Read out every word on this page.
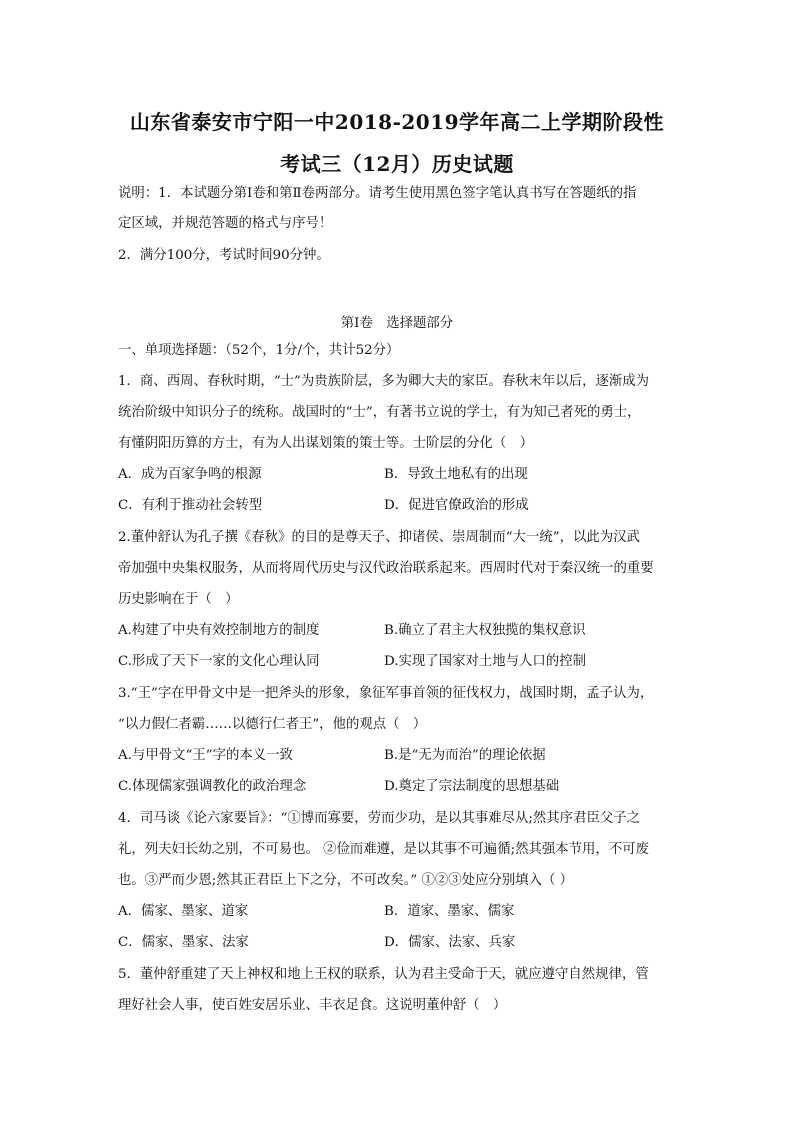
山东省泰安市宁阳一中2018-2019学年高二上学期阶段性
考试三（12月）历史试题
说明：1．本试题分第Ⅰ卷和第Ⅱ卷两部分。请考生使用黑色签字笔认真书写在答题纸的指
定区域，并规范答题的格式与序号！
2．满分100分，考试时间90分钟。
第Ⅰ卷　选择题部分
一、单项选择题：（52个，1分/个，共计52分）
1．商、西周、春秋时期，“士”为贵族阶层，多为卿大夫的家臣。春秋末年以后，逐渐成为
统治阶级中知识分子的统称。战国时的“士”，有著书立说的学士，有为知己者死的勇士，
有懂阴阳历算的方士，有为人出谋划策的策士等。士阶层的分化（　）
A．成为百家争鸣的根源	B．导致土地私有的出现
C．有利于推动社会转型	D．促进官僚政治的形成
2.董仲舒认为孔子撰《春秋》的目的是尊天子、抑诸侯、崇周制而“大一统”，以此为汉武
帝加强中央集权服务，从而将周代历史与汉代政治联系起来。西周时代对于秦汉统一的重要
历史影响在于（　）
A.构建了中央有效控制地方的制度	B.确立了君主大权独揽的集权意识
C.形成了天下一家的文化心理认同	D.实现了国家对土地与人口的控制
3.“王”字在甲骨文中是一把斧头的形象，象征军事首领的征伐权力，战国时期，孟子认为，
“以力假仁者霸……以德行仁者王”，他的观点（　）
A.与甲骨文“王”字的本义一致	B.是“无为而治”的理论依据
C.体现儒家强调教化的政治理念	D.奠定了宗法制度的思想基础
4．司马谈《论六家要旨》：“①博而寡要，劳而少功，是以其事难尽从;然其序君臣父子之
礼，列夫妇长幼之别，不可易也。 ②俭而难遵，是以其事不可遍循;然其强本节用，不可废
也。③严而少恩;然其正君臣上下之分，不可改矣。” ①②③处应分别填入（ ）
A．儒家、墨家、道家	B．道家、墨家、儒家
C．儒家、墨家、法家	D．儒家、法家、兵家
5．董仲舒重建了天上神权和地上王权的联系，认为君主受命于天，就应遵守自然规律，管
理好社会人事，使百姓安居乐业、丰衣足食。这说明董仲舒（　）
